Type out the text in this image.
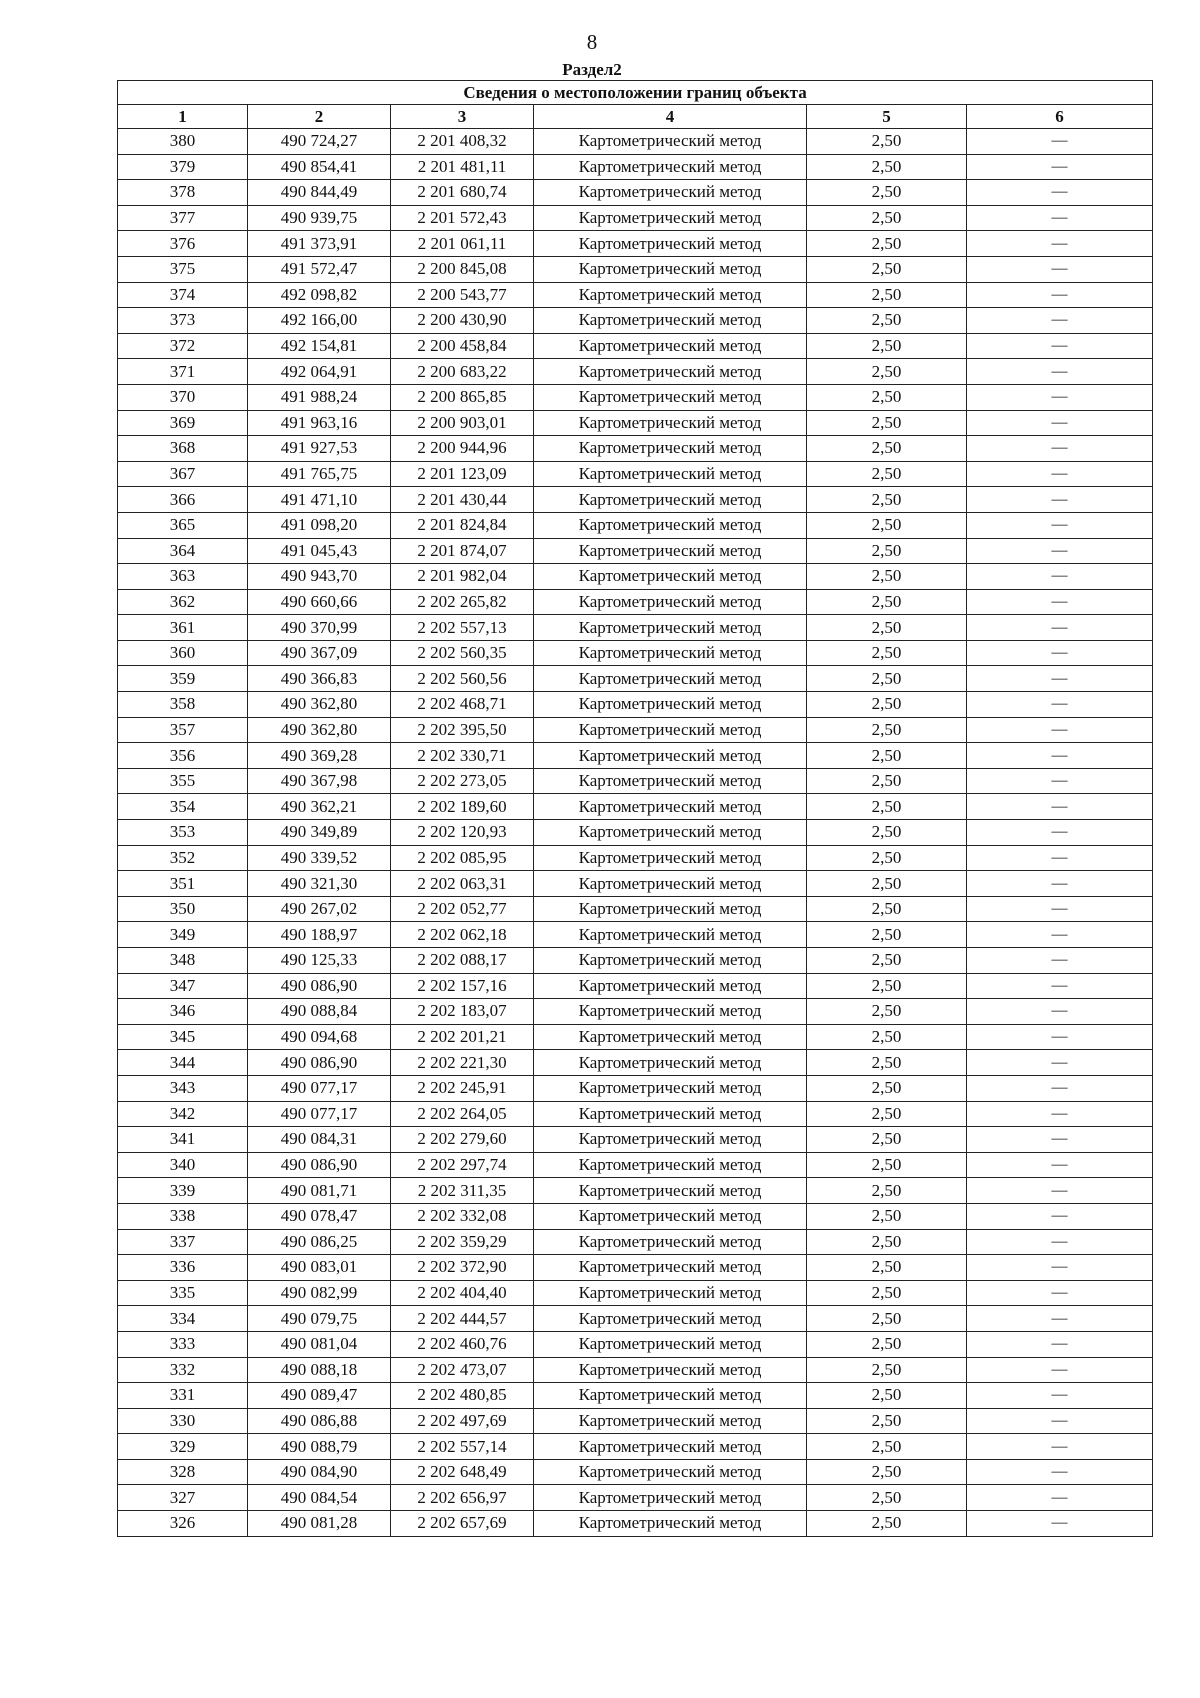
8
Раздел2
Сведения о местоположении границ объекта					
1	2	3	4	5	6
380	490 724,27	2 201 408,32	Картометрический метод	2,50	—
379	490 854,41	2 201 481,11	Картометрический метод	2,50	—
378	490 844,49	2 201 680,74	Картометрический метод	2,50	—
377	490 939,75	2 201 572,43	Картометрический метод	2,50	—
376	491 373,91	2 201 061,11	Картометрический метод	2,50	—
375	491 572,47	2 200 845,08	Картометрический метод	2,50	—
374	492 098,82	2 200 543,77	Картометрический метод	2,50	—
373	492 166,00	2 200 430,90	Картометрический метод	2,50	—
372	492 154,81	2 200 458,84	Картометрический метод	2,50	—
371	492 064,91	2 200 683,22	Картометрический метод	2,50	—
370	491 988,24	2 200 865,85	Картометрический метод	2,50	—
369	491 963,16	2 200 903,01	Картометрический метод	2,50	—
368	491 927,53	2 200 944,96	Картометрический метод	2,50	—
367	491 765,75	2 201 123,09	Картометрический метод	2,50	—
366	491 471,10	2 201 430,44	Картометрический метод	2,50	—
365	491 098,20	2 201 824,84	Картометрический метод	2,50	—
364	491 045,43	2 201 874,07	Картометрический метод	2,50	—
363	490 943,70	2 201 982,04	Картометрический метод	2,50	—
362	490 660,66	2 202 265,82	Картометрический метод	2,50	—
361	490 370,99	2 202 557,13	Картометрический метод	2,50	—
360	490 367,09	2 202 560,35	Картометрический метод	2,50	—
359	490 366,83	2 202 560,56	Картометрический метод	2,50	—
358	490 362,80	2 202 468,71	Картометрический метод	2,50	—
357	490 362,80	2 202 395,50	Картометрический метод	2,50	—
356	490 369,28	2 202 330,71	Картометрический метод	2,50	—
355	490 367,98	2 202 273,05	Картометрический метод	2,50	—
354	490 362,21	2 202 189,60	Картометрический метод	2,50	—
353	490 349,89	2 202 120,93	Картометрический метод	2,50	—
352	490 339,52	2 202 085,95	Картометрический метод	2,50	—
351	490 321,30	2 202 063,31	Картометрический метод	2,50	—
350	490 267,02	2 202 052,77	Картометрический метод	2,50	—
349	490 188,97	2 202 062,18	Картометрический метод	2,50	—
348	490 125,33	2 202 088,17	Картометрический метод	2,50	—
347	490 086,90	2 202 157,16	Картометрический метод	2,50	—
346	490 088,84	2 202 183,07	Картометрический метод	2,50	—
345	490 094,68	2 202 201,21	Картометрический метод	2,50	—
344	490 086,90	2 202 221,30	Картометрический метод	2,50	—
343	490 077,17	2 202 245,91	Картометрический метод	2,50	—
342	490 077,17	2 202 264,05	Картометрический метод	2,50	—
341	490 084,31	2 202 279,60	Картометрический метод	2,50	—
340	490 086,90	2 202 297,74	Картометрический метод	2,50	—
339	490 081,71	2 202 311,35	Картометрический метод	2,50	—
338	490 078,47	2 202 332,08	Картометрический метод	2,50	—
337	490 086,25	2 202 359,29	Картометрический метод	2,50	—
336	490 083,01	2 202 372,90	Картометрический метод	2,50	—
335	490 082,99	2 202 404,40	Картометрический метод	2,50	—
334	490 079,75	2 202 444,57	Картометрический метод	2,50	—
333	490 081,04	2 202 460,76	Картометрический метод	2,50	—
332	490 088,18	2 202 473,07	Картометрический метод	2,50	—
331	490 089,47	2 202 480,85	Картометрический метод	2,50	—
330	490 086,88	2 202 497,69	Картометрический метод	2,50	—
329	490 088,79	2 202 557,14	Картометрический метод	2,50	—
328	490 084,90	2 202 648,49	Картометрический метод	2,50	—
327	490 084,54	2 202 656,97	Картометрический метод	2,50	—
326	490 081,28	2 202 657,69	Картометрический метод	2,50	—
